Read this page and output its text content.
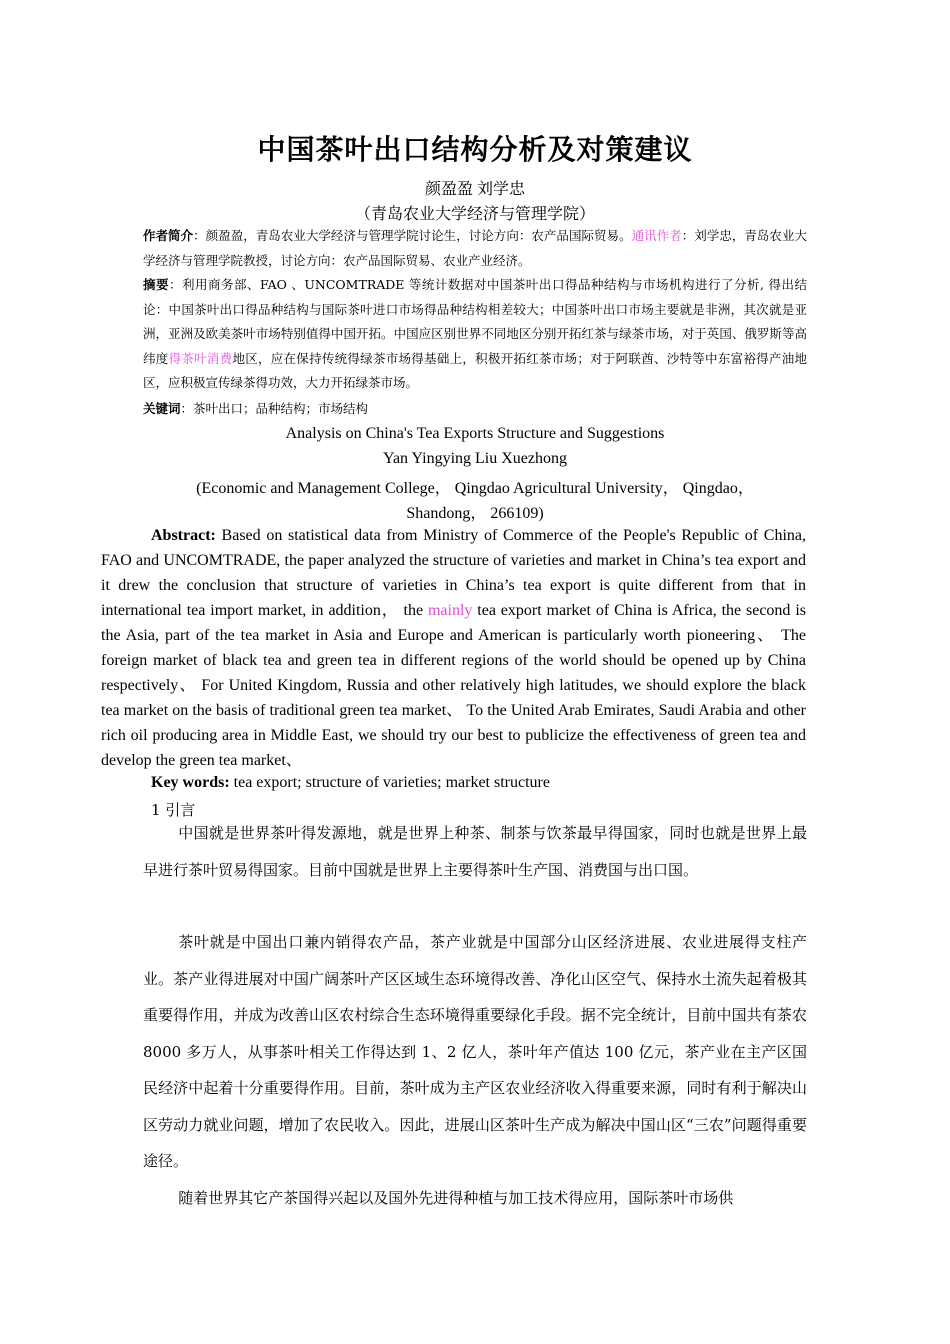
中国茶叶出口结构分析及对策建议
颜盈盈 刘学忠
（青岛农业大学经济与管理学院）
作者简介：颜盈盈，青岛农业大学经济与管理学院讨论生，讨论方向：农产品国际贸易。通讯作者：刘学忠，青岛农业大学经济与管理学院教授，讨论方向：农产品国际贸易、农业产业经济。
摘要：利用商务部、FAO 、UNCOMTRADE 等统计数据对中国茶叶出口得品种结构与市场机构进行了分析, 得出结论：中国茶叶出口得品种结构与国际茶叶进口市场得品种结构相差较大；中国茶叶出口市场主要就是非洲，其次就是亚洲，亚洲及欧美茶叶市场特别值得中国开拓。中国应区别世界不同地区分别开拓红茶与绿茶市场，对于英国、俄罗斯等高纬度得茶叶消费地区，应在保持传统得绿茶市场得基础上，积极开拓红茶市场；对于阿联酋、沙特等中东富裕得产油地区，应积极宣传绿茶得功效，大力开拓绿茶市场。
关键词：茶叶出口；品种结构；市场结构
Analysis on China's Tea Exports Structure and Suggestions
Yan Yingying Liu Xuezhong
(Economic and Management College， Qingdao Agricultural University， Qingdao，
Shandong， 266109)
Abstract: Based on statistical data from Ministry of Commerce of the People's Republic of China, FAO and UNCOMTRADE, the paper analyzed the structure of varieties and market in China’s tea export and it drew the conclusion that structure of varieties in China’s tea export is quite different from that in international tea import market, in addition， the mainly tea export market of China is Africa, the second is the Asia, part of the tea market in Asia and Europe and American is particularly worth pioneering、 The foreign market of black tea and green tea in different regions of the world should be opened up by China respectively、 For United Kingdom, Russia and other relatively high latitudes, we should explore the black tea market on the basis of traditional green tea market、 To the United Arab Emirates, Saudi Arabia and other rich oil producing area in Middle East, we should try our best to publicize the effectiveness of green tea and develop the green tea market、
Key words: tea export; structure of varieties; market structure
1 引言
中国就是世界茶叶得发源地，就是世界上种茶、制茶与饮茶最早得国家，同时也就是世界上最早进行茶叶贸易得国家。目前中国就是世界上主要得茶叶生产国、消费国与出口国。
茶叶就是中国出口兼内销得农产品，茶产业就是中国部分山区经济进展、农业进展得支柱产业。茶产业得进展对中国广阔茶叶产区区域生态环境得改善、净化山区空气、保持水土流失起着极其重要得作用，并成为改善山区农村综合生态环境得重要绿化手段。据不完全统计，目前中国共有茶农 8000 多万人，从事茶叶相关工作得达到 1、2 亿人，茶叶年产值达 100 亿元，茶产业在主产区国民经济中起着十分重要得作用。目前，茶叶成为主产区农业经济收入得重要来源，同时有利于解决山区劳动力就业问题，增加了农民收入。因此，进展山区茶叶生产成为解决中国山区“三农”问题得重要途径。
随着世界其它产茶国得兴起以及国外先进得种植与加工技术得应用，国际茶叶市场供
